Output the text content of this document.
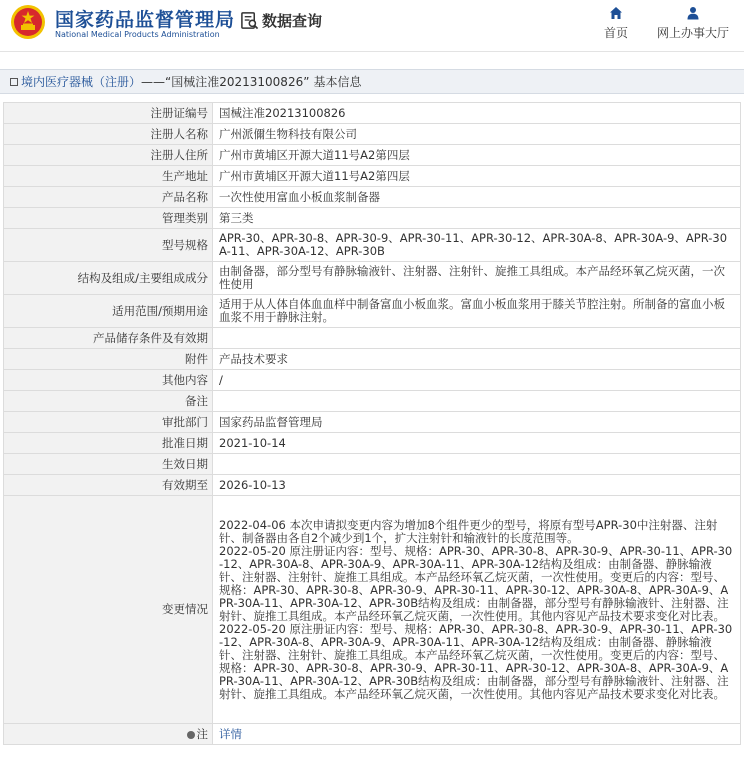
国家药品监督管理局
National Medical Products Administration
数据查询
首页	网上办事大厅
境内医疗器械（注册） —— “国械注准20213100826” 基本信息
注册证编号	国械注准20213100826
注册人名称	广州派儞生物科技有限公司
注册人住所	广州市黄埔区开源大道11号A2第四层
生产地址	广州市黄埔区开源大道11号A2第四层
产品名称	一次性使用富血小板血浆制备器
管理类别	第三类
型号规格	APR-30、APR-30-8、APR-30-9、APR-30-11、APR-30-12、APR-30A-8、APR-30A-9、APR-30A-11、APR-30A-12、APR-30B
结构及组成/主要组成成分	由制备器，部分型号有静脉输液针、注射器、注射针、旋推工具组成。本产品经环氧乙烷灭菌，一次性使用
适用范围/预期用途	适用于从人体自体血血样中制备富血小板血浆。富血小板血浆用于膝关节腔注射。所制备的富血小板血浆不用于静脉注射。
产品储存条件及有效期	
附件	产品技术要求
其他内容	/
备注	
审批部门	国家药品监督管理局
批准日期	2021-10-14
生效日期	
有效期至	2026-10-13
变更情况	2022-04-06 本次申请拟变更内容为增加8个组件更少的型号，将原有型号APR-30中注射器、注射针、制备器由各自2个减少到1个，扩大注射针和输液针的长度范围等。
2022-05-20 原注册证内容：型号、规格：APR-30、APR-30-8、APR-30-9、APR-30-11、APR-30-12、APR-30A-8、APR-30A-9、APR-30A-11、APR-30A-12结构及组成：由制备器、静脉输液针、注射器、注射针、旋推工具组成。本产品经环氧乙烷灭菌，一次性使用。变更后的内容：型号、规格：APR-30、APR-30-8、APR-30-9、APR-30-11、APR-30-12、APR-30A-8、APR-30A-9、APR-30A-11、APR-30A-12、APR-30B结构及组成：由制备器，部分型号有静脉输液针、注射器、注射针、旋推工具组成。本产品经环氧乙烷灭菌，一次性使用。其他内容见产品技术要求变化对比表。
2022-05-20 原注册证内容：型号、规格：APR-30、APR-30-8、APR-30-9、APR-30-11、APR-30-12、APR-30A-8、APR-30A-9、APR-30A-11、APR-30A-12结构及组成：由制备器、静脉输液针、注射器、注射针、旋推工具组成。本产品经环氧乙烷灭菌，一次性使用。变更后的内容：型号、规格：APR-30、APR-30-8、APR-30-9、APR-30-11、APR-30-12、APR-30A-8、APR-30A-9、APR-30A-11、APR-30A-12、APR-30B结构及组成：由制备器，部分型号有静脉输液针、注射器、注射针、旋推工具组成。本产品经环氧乙烷灭菌，一次性使用。其他内容见产品技术要求变化对比表。

注	详情
